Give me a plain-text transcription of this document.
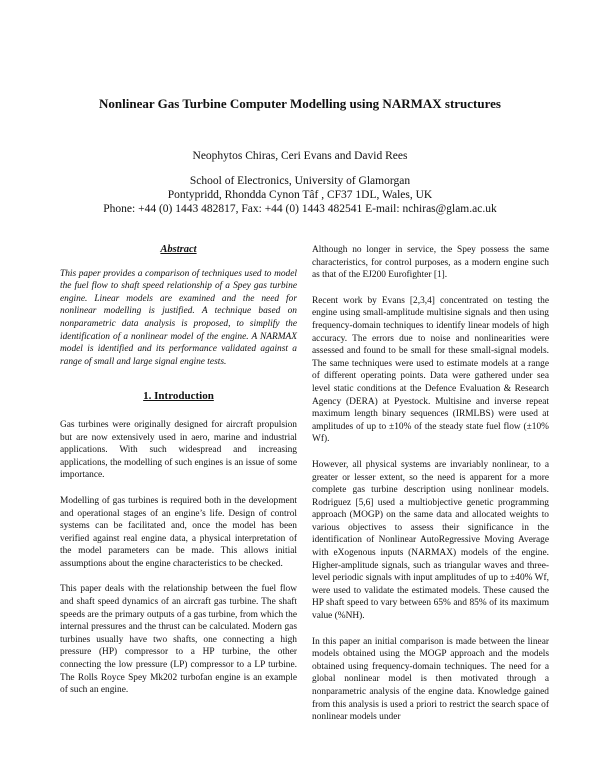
Nonlinear Gas Turbine Computer Modelling using NARMAX structures
Neophytos Chiras, Ceri Evans and David Rees
School of Electronics, University of Glamorgan
Pontypridd, Rhondda Cynon Tâf , CF37 1DL, Wales, UK
Phone: +44 (0) 1443 482817, Fax: +44 (0) 1443 482541 E-mail: nchiras@glam.ac.uk
Abstract

This paper provides a comparison of techniques used to model the fuel flow to shaft speed relationship of a Spey gas turbine engine. Linear models are examined and the need for nonlinear modelling is justified. A technique based on nonparametric data analysis is proposed, to simplify the identification of a nonlinear model of the engine. A NARMAX model is identified and its performance validated against a range of small and large signal engine tests.

1. Introduction

Gas turbines were originally designed for aircraft propulsion but are now extensively used in aero, marine and industrial applications. With such widespread and increasing applications, the modelling of such engines is an issue of some importance.

Modelling of gas turbines is required both in the development and operational stages of an engine’s life. Design of control systems can be facilitated and, once the model has been verified against real engine data, a physical interpretation of the model parameters can be made. This allows initial assumptions about the engine characteristics to be checked.

This paper deals with the relationship between the fuel flow and shaft speed dynamics of an aircraft gas turbine. The shaft speeds are the primary outputs of a gas turbine, from which the internal pressures and the thrust can be calculated. Modern gas turbines usually have two shafts, one connecting a high pressure (HP) compressor to a HP turbine, the other connecting the low pressure (LP) compressor to a LP turbine. The Rolls Royce Spey Mk202 turbofan engine is an example of such an engine.

Although no longer in service, the Spey possess the same characteristics, for control purposes, as a modern engine such as that of the EJ200 Eurofighter [1].

Recent work by Evans [2,3,4] concentrated on testing the engine using small-amplitude multisine signals and then using frequency-domain techniques to identify linear models of high accuracy. The errors due to noise and nonlinearities were assessed and found to be small for these small-signal models. The same techniques were used to estimate models at a range of different operating points. Data were gathered under sea level static conditions at the Defence Evaluation & Research Agency (DERA) at Pyestock. Multisine and inverse repeat maximum length binary sequences (IRMLBS) were used at amplitudes of up to ±10% of the steady state fuel flow (±10% Wf).

However, all physical systems are invariably nonlinear, to a greater or lesser extent, so the need is apparent for a more complete gas turbine description using nonlinear models. Rodriguez [5,6] used a multiobjective genetic programming approach (MOGP) on the same data and allocated weights to various objectives to assess their significance in the identification of Nonlinear AutoRegressive Moving Average with eXogenous inputs (NARMAX) models of the engine. Higher-amplitude signals, such as triangular waves and three-level periodic signals with input amplitudes of up to ±40% Wf, were used to validate the estimated models. These caused the HP shaft speed to vary between 65% and 85% of its maximum value (%NH).

In this paper an initial comparison is made between the linear models obtained using the MOGP approach and the models obtained using frequency-domain techniques. The need for a global nonlinear model is then motivated through a nonparametric analysis of the engine data. Knowledge gained from this analysis is used a priori to restrict the search space of nonlinear models under
